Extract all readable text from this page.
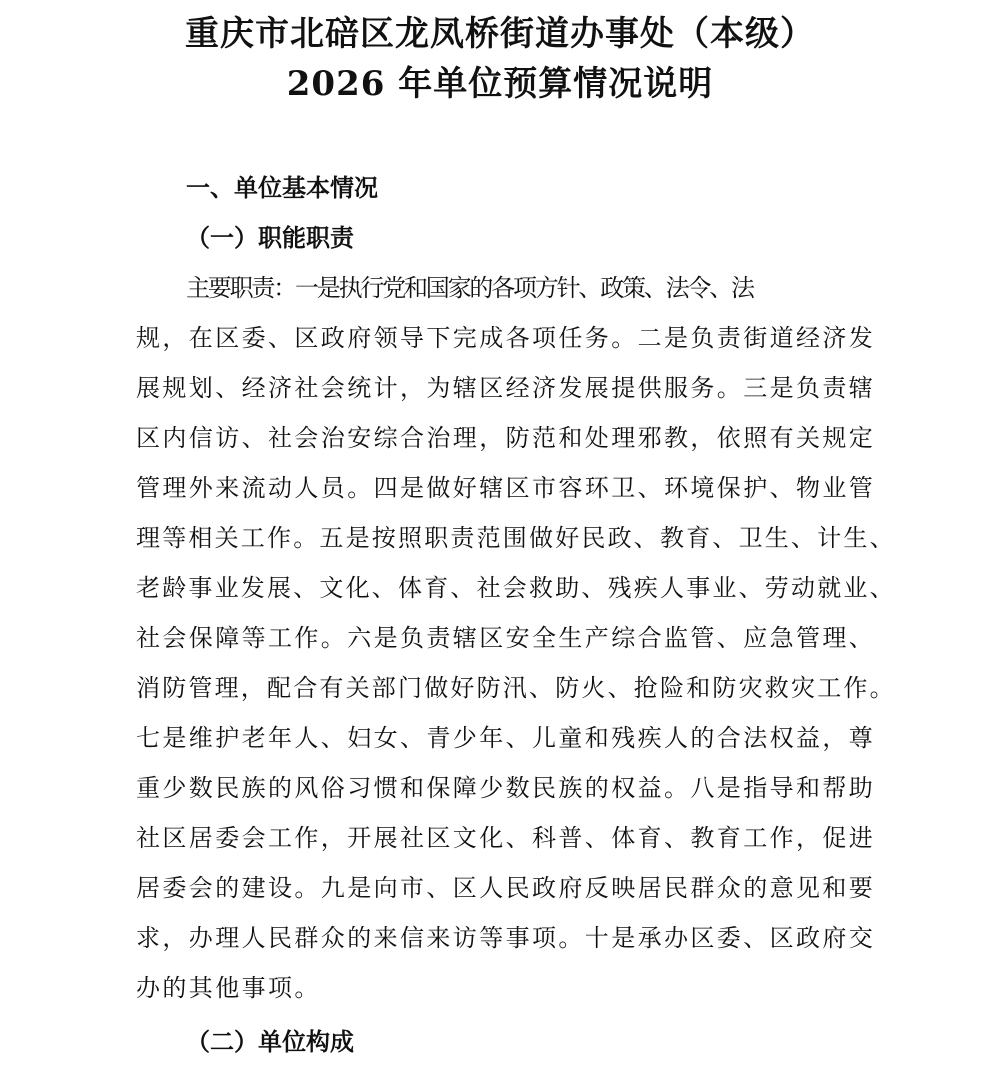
重庆市北碚区龙凤桥街道办事处（本级）
2026 年单位预算情况说明
一、单位基本情况
（一）职能职责

主要职责：一是执行党和国家的各项方针、政策、法令、法

规，在区委、区政府领导下完成各项任务。二是负责街道经济发

展规划、经济社会统计，为辖区经济发展提供服务。三是负责辖

区内信访、社会治安综合治理，防范和处理邪教，依照有关规定

管理外来流动人员。四是做好辖区市容环卫、环境保护、物业管

理等相关工作。五是按照职责范围做好民政、教育、卫生、计生、

老龄事业发展、文化、体育、社会救助、残疾人事业、劳动就业、

社会保障等工作。六是负责辖区安全生产综合监管、应急管理、

消防管理，配合有关部门做好防汛、防火、抢险和防灾救灾工作。

七是维护老年人、妇女、青少年、儿童和残疾人的合法权益，尊

重少数民族的风俗习惯和保障少数民族的权益。八是指导和帮助

社区居委会工作，开展社区文化、科普、体育、教育工作，促进

居委会的建设。九是向市、区人民政府反映居民群众的意见和要

求，办理人民群众的来信来访等事项。十是承办区委、区政府交

办的其他事项。

（二）单位构成
